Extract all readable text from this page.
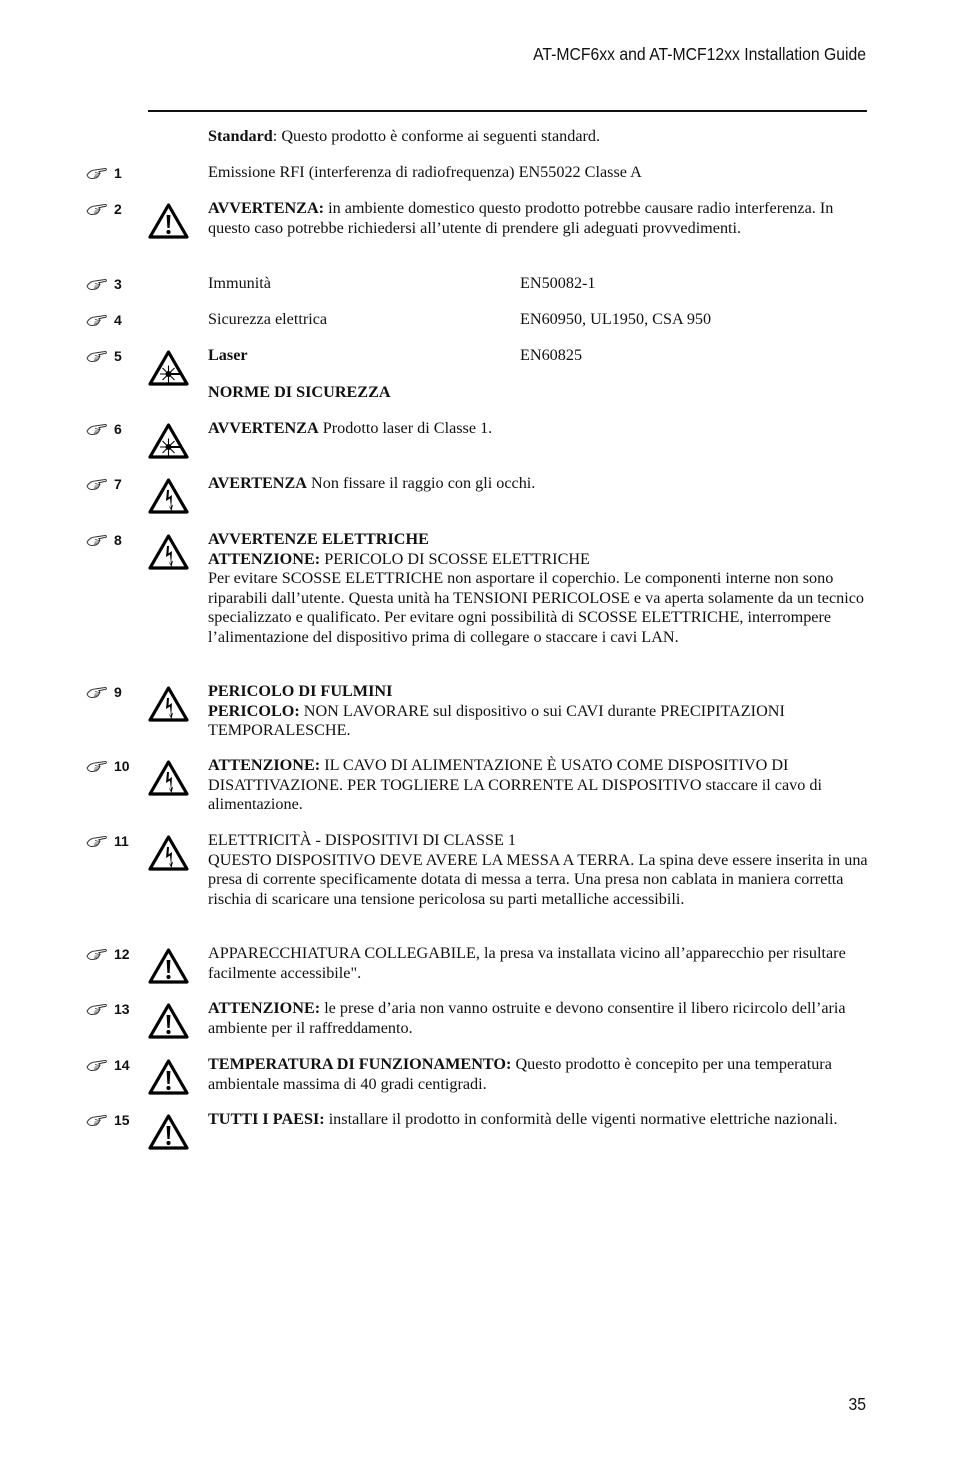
AT-MCF6xx and AT-MCF12xx Installation Guide
Standard: Questo prodotto è conforme ai seguenti standard.
1	Emissione RFI (interferenza di radiofrequenza) EN55022 Classe A
2	AVVERTENZA: in ambiente domestico questo prodotto potrebbe causare radio interferenza. In questo caso potrebbe richiedersi all’utente di prendere gli adeguati provvedimenti.
3	Immunità	EN50082-1
4	Sicurezza elettrica	EN60950, UL1950, CSA 950
5	Laser	EN60825
NORME DI SICUREZZA
6	AVVERTENZA Prodotto laser di Classe 1.
7	AVERTENZA Non fissare il raggio con gli occhi.
8	AVVERTENZE ELETTRICHE
ATTENZIONE: PERICOLO DI SCOSSE ELETTRICHE
Per evitare SCOSSE ELETTRICHE non asportare il coperchio. Le componenti interne non sono riparabili dall’utente. Questa unità ha TENSIONI PERICOLOSE e va aperta solamente da un tecnico specializzato e qualificato. Per evitare ogni possibilità di SCOSSE ELETTRICHE, interrompere l’alimentazione del dispositivo prima di collegare o staccare i cavi LAN.
9	PERICOLO DI FULMINI
PERICOLO: NON LAVORARE sul dispositivo o sui CAVI durante PRECIPITAZIONI TEMPORALESCHE.
10	ATTENZIONE: IL CAVO DI ALIMENTAZIONE È USATO COME DISPOSITIVO DI DISATTIVAZIONE. PER TOGLIERE LA CORRENTE AL DISPOSITIVO staccare il cavo di alimentazione.
11	ELETTRICITÀ - DISPOSITIVI DI CLASSE 1
QUESTO DISPOSITIVO DEVE AVERE LA MESSA A TERRA. La spina deve essere inserita in una presa di corrente specificamente dotata di messa a terra. Una presa non cablata in maniera corretta rischia di scaricare una tensione pericolosa su parti metalliche accessibili.
12	APPARECCHIATURA COLLEGABILE, la presa va installata vicino all’apparecchio per risultare facilmente accessibile".
13	ATTENZIONE: le prese d’aria non vanno ostruite e devono consentire il libero ricircolo dell’aria ambiente per il raffreddamento.
14	TEMPERATURA DI FUNZIONAMENTO: Questo prodotto è concepito per una temperatura ambientale massima di 40 gradi centigradi.
15	TUTTI I PAESI: installare il prodotto in conformità delle vigenti normative elettriche nazionali.
35
